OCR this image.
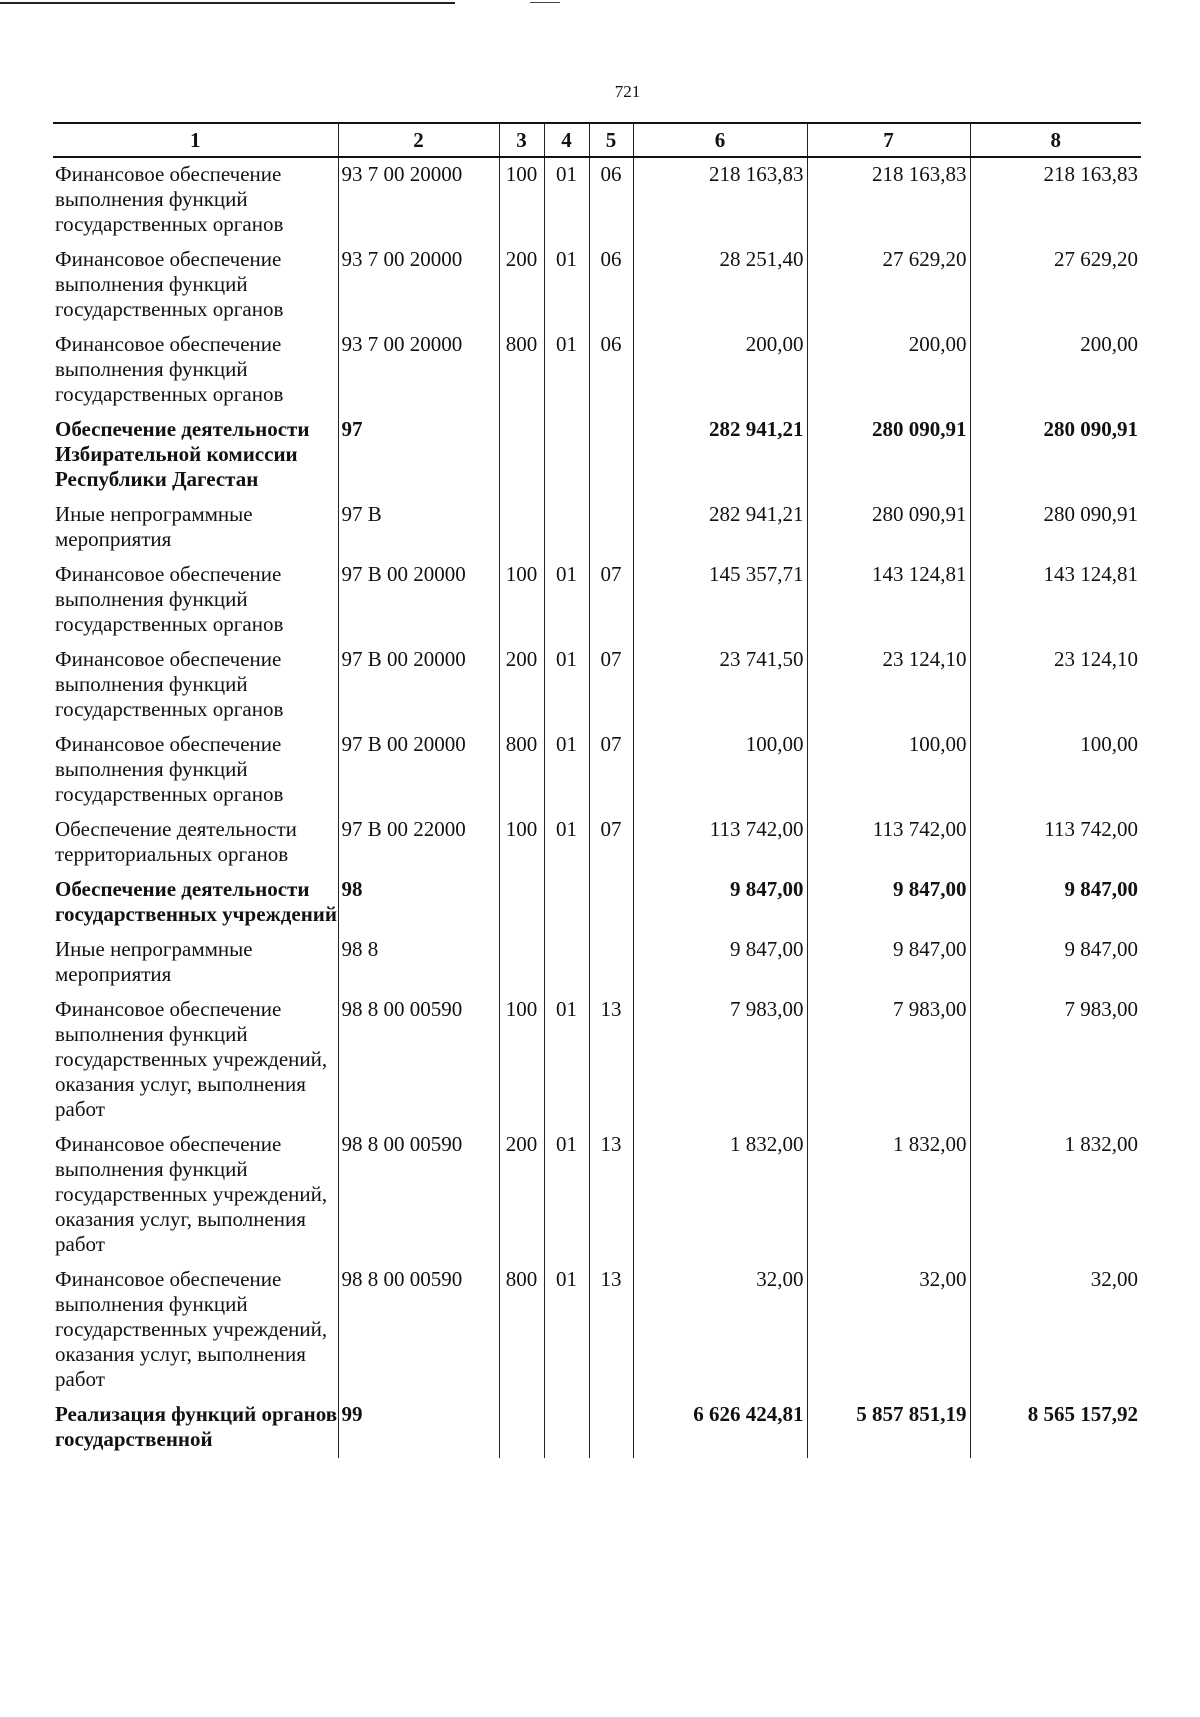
721
1	2	3	4	5	6	7	8
Финансовое обеспечение выполнения функций государственных органов	93 7 00 20000	100	01	06	218 163,83	218 163,83	218 163,83
Финансовое обеспечение выполнения функций государственных органов	93 7 00 20000	200	01	06	28 251,40	27 629,20	27 629,20
Финансовое обеспечение выполнения функций государственных органов	93 7 00 20000	800	01	06	200,00	200,00	200,00
Обеспечение деятельности Избирательной комиссии Республики Дагестан	97				282 941,21	280 090,91	280 090,91
Иные непрограммные мероприятия	97 В				282 941,21	280 090,91	280 090,91
Финансовое обеспечение выполнения функций государственных органов	97 В 00 20000	100	01	07	145 357,71	143 124,81	143 124,81
Финансовое обеспечение выполнения функций государственных органов	97 В 00 20000	200	01	07	23 741,50	23 124,10	23 124,10
Финансовое обеспечение выполнения функций государственных органов	97 В 00 20000	800	01	07	100,00	100,00	100,00
Обеспечение деятельности территориальных органов	97 В 00 22000	100	01	07	113 742,00	113 742,00	113 742,00
Обеспечение деятельности государственных учреждений	98				9 847,00	9 847,00	9 847,00
Иные непрограммные мероприятия	98 8				9 847,00	9 847,00	9 847,00
Финансовое обеспечение выполнения функций государственных учреждений, оказания услуг, выполнения работ	98 8 00 00590	100	01	13	7 983,00	7 983,00	7 983,00
Финансовое обеспечение выполнения функций государственных учреждений, оказания услуг, выполнения работ	98 8 00 00590	200	01	13	1 832,00	1 832,00	1 832,00
Финансовое обеспечение выполнения функций государственных учреждений, оказания услуг, выполнения работ	98 8 00 00590	800	01	13	32,00	32,00	32,00
Реализация функций органов государственной	99				6 626 424,81	5 857 851,19	8 565 157,92
